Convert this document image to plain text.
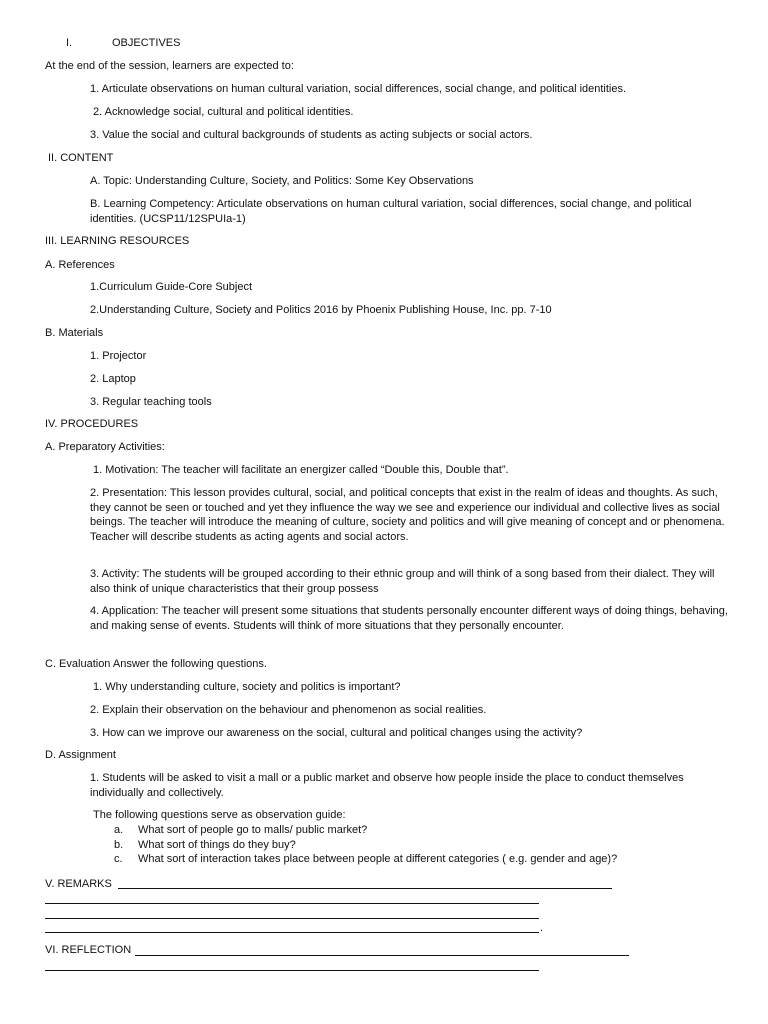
I.	OBJECTIVES
At the end of the session, learners are expected to:
1. Articulate observations on human cultural variation, social differences, social change, and political identities.
2. Acknowledge social, cultural and political identities.
3. Value the social and cultural backgrounds of students as acting subjects or social actors.
II. CONTENT
A. Topic: Understanding Culture, Society, and Politics: Some Key Observations
B. Learning Competency: Articulate observations on human cultural variation, social differences, social change, and political identities. (UCSP11/12SPUIa-1)
III. LEARNING RESOURCES
A. References
1.Curriculum Guide-Core Subject
2.Understanding Culture, Society and Politics 2016 by Phoenix Publishing House, Inc. pp. 7-10
B. Materials
1. Projector
2. Laptop
3. Regular teaching tools
IV. PROCEDURES
A. Preparatory Activities:
1. Motivation: The teacher will facilitate an energizer called “Double this, Double that”.
2. Presentation: This lesson provides cultural, social, and political concepts that exist in the realm of ideas and thoughts. As such, they cannot be seen or touched and yet they influence the way we see and experience our individual and collective lives as social beings. The teacher will introduce the meaning of culture, society and politics and will give meaning of concept and or phenomena. Teacher will describe students as acting agents and social actors.
3. Activity: The students will be grouped according to their ethnic group and will think of a song based from their dialect. They will also think of unique characteristics that their group possess
4. Application: The teacher will present some situations that students personally encounter different ways of doing things, behaving, and making sense of events. Students will think of more situations that they personally encounter.
C. Evaluation Answer the following questions.
1. Why understanding culture, society and politics is important?
2. Explain their observation on the behaviour and phenomenon as social realities.
3. How can we improve our awareness on the social, cultural and political changes using the activity?
D. Assignment
1. Students will be asked to visit a mall or a public market and observe how people inside the place to conduct themselves individually and collectively.
The following questions serve as observation guide:
a. What sort of people go to malls/ public market?
b. What sort of things do they buy?
c. What sort of interaction takes place between people at different categories ( e.g. gender and age)?
V. REMARKS
.
VI. REFLECTION
